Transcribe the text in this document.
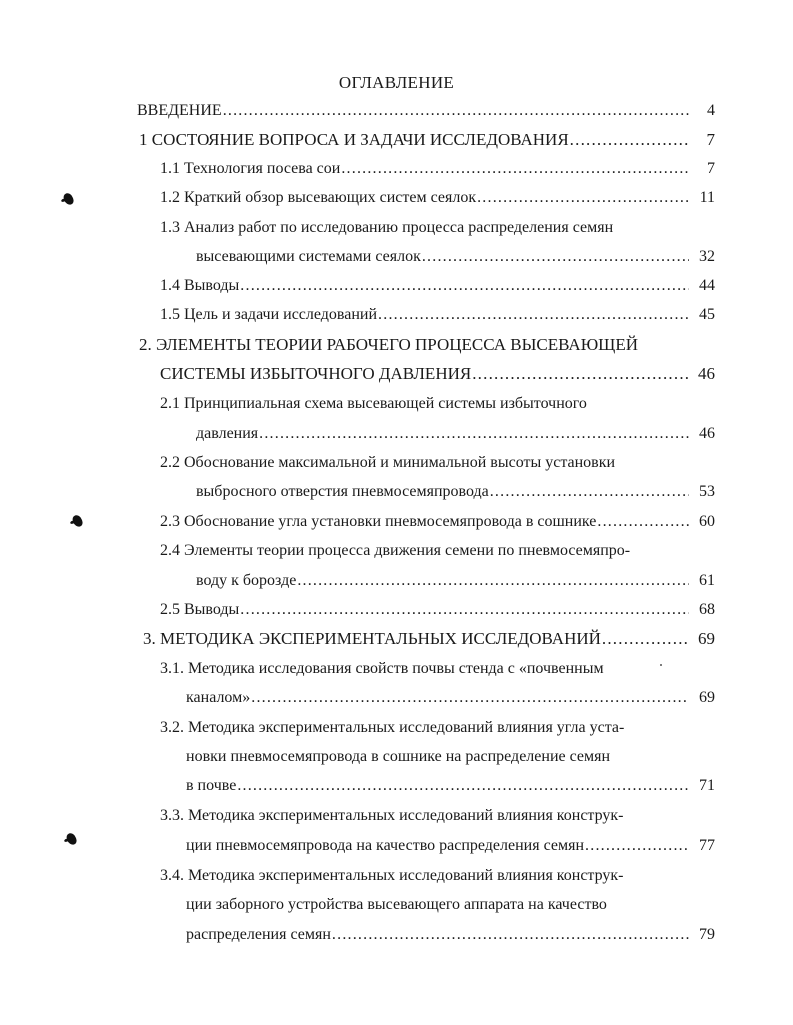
ОГЛАВЛЕНИЕ
ВВЕДЕНИЕ .....	4
1 СОСТОЯНИЕ ВОПРОСА И ЗАДАЧИ ИССЛЕДОВАНИЯ .....	7
1.1 Технология посева сои .....	7
1.2 Краткий обзор высевающих систем сеялок .....	11
1.3 Анализ работ по исследованию процесса распределения семян
высевающими системами сеялок .....	32
1.4 Выводы .....	44
1.5 Цель и задачи исследований .....	45
2. ЭЛЕМЕНТЫ ТЕОРИИ РАБОЧЕГО ПРОЦЕССА ВЫСЕВАЮЩЕЙ
СИСТЕМЫ ИЗБЫТОЧНОГО ДАВЛЕНИЯ .....	46
2.1 Принципиальная схема высевающей системы избыточного
давления .....	46
2.2 Обоснование максимальной и минимальной высоты установки
выбросного отверстия пневмосемяпровода .....	53
2.3 Обоснование угла установки пневмосемяпровода в сошнике .....	60
2.4 Элементы теории процесса движения семени по пневмосемяпро-
воду к борозде .....	61
2.5 Выводы .....	68
3. МЕТОДИКА ЭКСПЕРИМЕНТАЛЬНЫХ ИССЛЕДОВАНИЙ .....	69
3.1. Методика исследования свойств почвы стенда с «почвенным
каналом» .....	69
3.2. Методика экспериментальных исследований влияния угла уста-
новки пневмосемяпровода в сошнике на распределение семян
в почве .....	71
3.3. Методика экспериментальных исследований влияния конструк-
ции пневмосемяпровода на качество распределения семян .....	77
3.4. Методика экспериментальных исследований влияния конструк-
ции заборного устройства высевающего аппарата на качество
распределения семян .....	79
